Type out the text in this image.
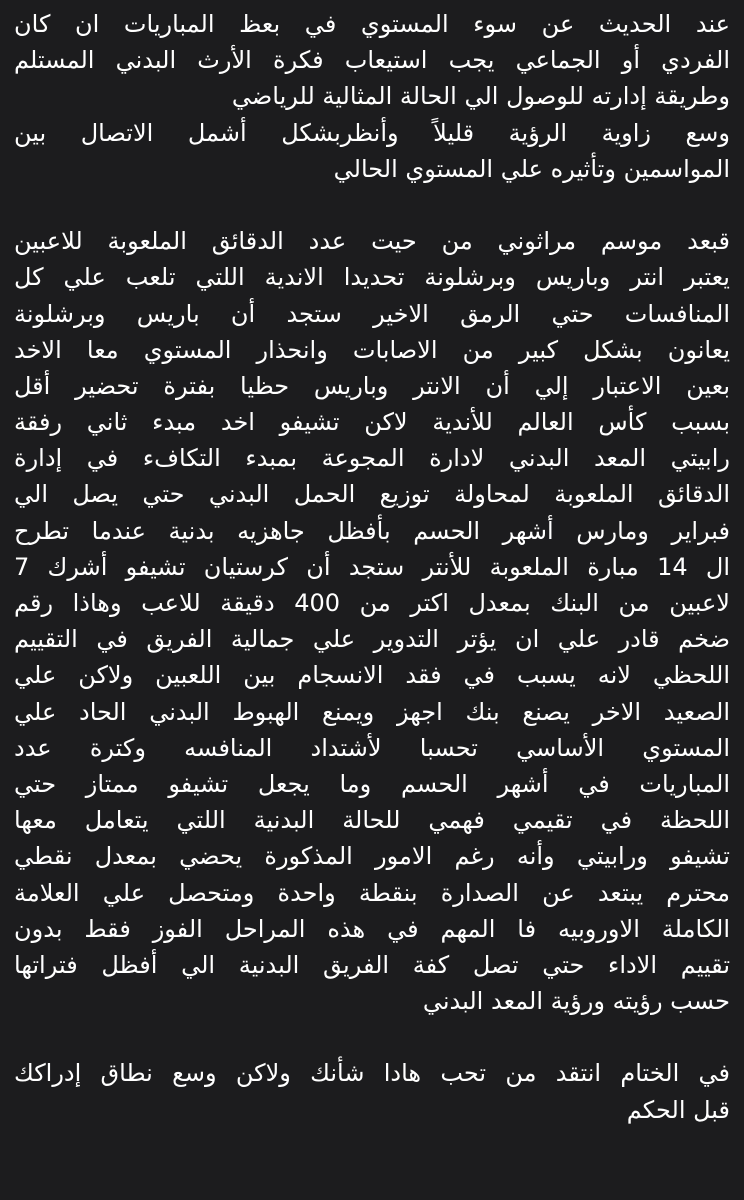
عند الحديث عن سوء المستوي في بعظ المباريات ان كان
الفردي أو الجماعي يجب استيعاب فكرة الأرث البدني المستلم
وطريقة إدارته للوصول الي الحالة المثالية للرياضي
وسع زاوية الرؤية قليلاً وأنظربشكل أشمل الاتصال بين
المواسمين وتأثيره علي المستوي الحالي
قبعد موسم مراثوني من حيت عدد الدقائق الملعوبة للاعبين
يعتبر انتر وباريس وبرشلونة تحديدا الاندية اللتي تلعب علي كل
المنافسات حتي الرمق الاخير ستجد أن باريس وبرشلونة
يعانون بشكل كبير من الاصابات وانحذار المستوي معا الاخد
بعين الاعتبار إلي أن الانتر وباريس حظيا بفترة تحضير أقل
بسبب كأس العالم للأندية لاكن تشيفو اخد مبدء ثاني رفقة
رابيتي المعد البدني لادارة المجوعة بمبدء التكافء في إدارة
الدقائق الملعوبة لمحاولة توزيع الحمل البدني حتي يصل الي
فبراير ومارس أشهر الحسم بأفظل جاهزيه بدنية عندما تطرح
ال 14 مبارة الملعوبة للأنتر ستجد أن كرستيان تشيفو أشرك 7
لاعبين من البنك بمعدل اكتر من 400 دقيقة للاعب وهاذا رقم
ضخم قادر علي ان يؤتر التدوير علي جمالية الفريق في التقييم
اللحظي لانه يسبب في فقد الانسجام بين اللعبين ولاكن علي
الصعيد الاخر يصنع بنك اجهز ويمنع الهبوط البدني الحاد علي
المستوي الأساسي تحسبا لأشتداد المنافسه وكترة عدد
المباريات في أشهر الحسم وما يجعل تشيفو ممتاز حتي
اللحظة في تقيمي فهمي للحالة البدنية اللتي يتعامل معها
تشيفو ورابيتي وأنه رغم الامور المذكورة يحضي بمعدل نقطي
محترم يبتعد عن الصدارة بنقطة واحدة ومتحصل علي العلامة
الكاملة الاوروبيه فا المهم في هذه المراحل الفوز فقط بدون
تقييم الاداء حتي تصل كفة الفريق البدنية الي أفظل فتراتها
حسب رؤيته ورؤية المعد البدني
في الختام انتقد من تحب هادا شأنك ولاكن وسع نطاق إدراكك
قبل الحكم
